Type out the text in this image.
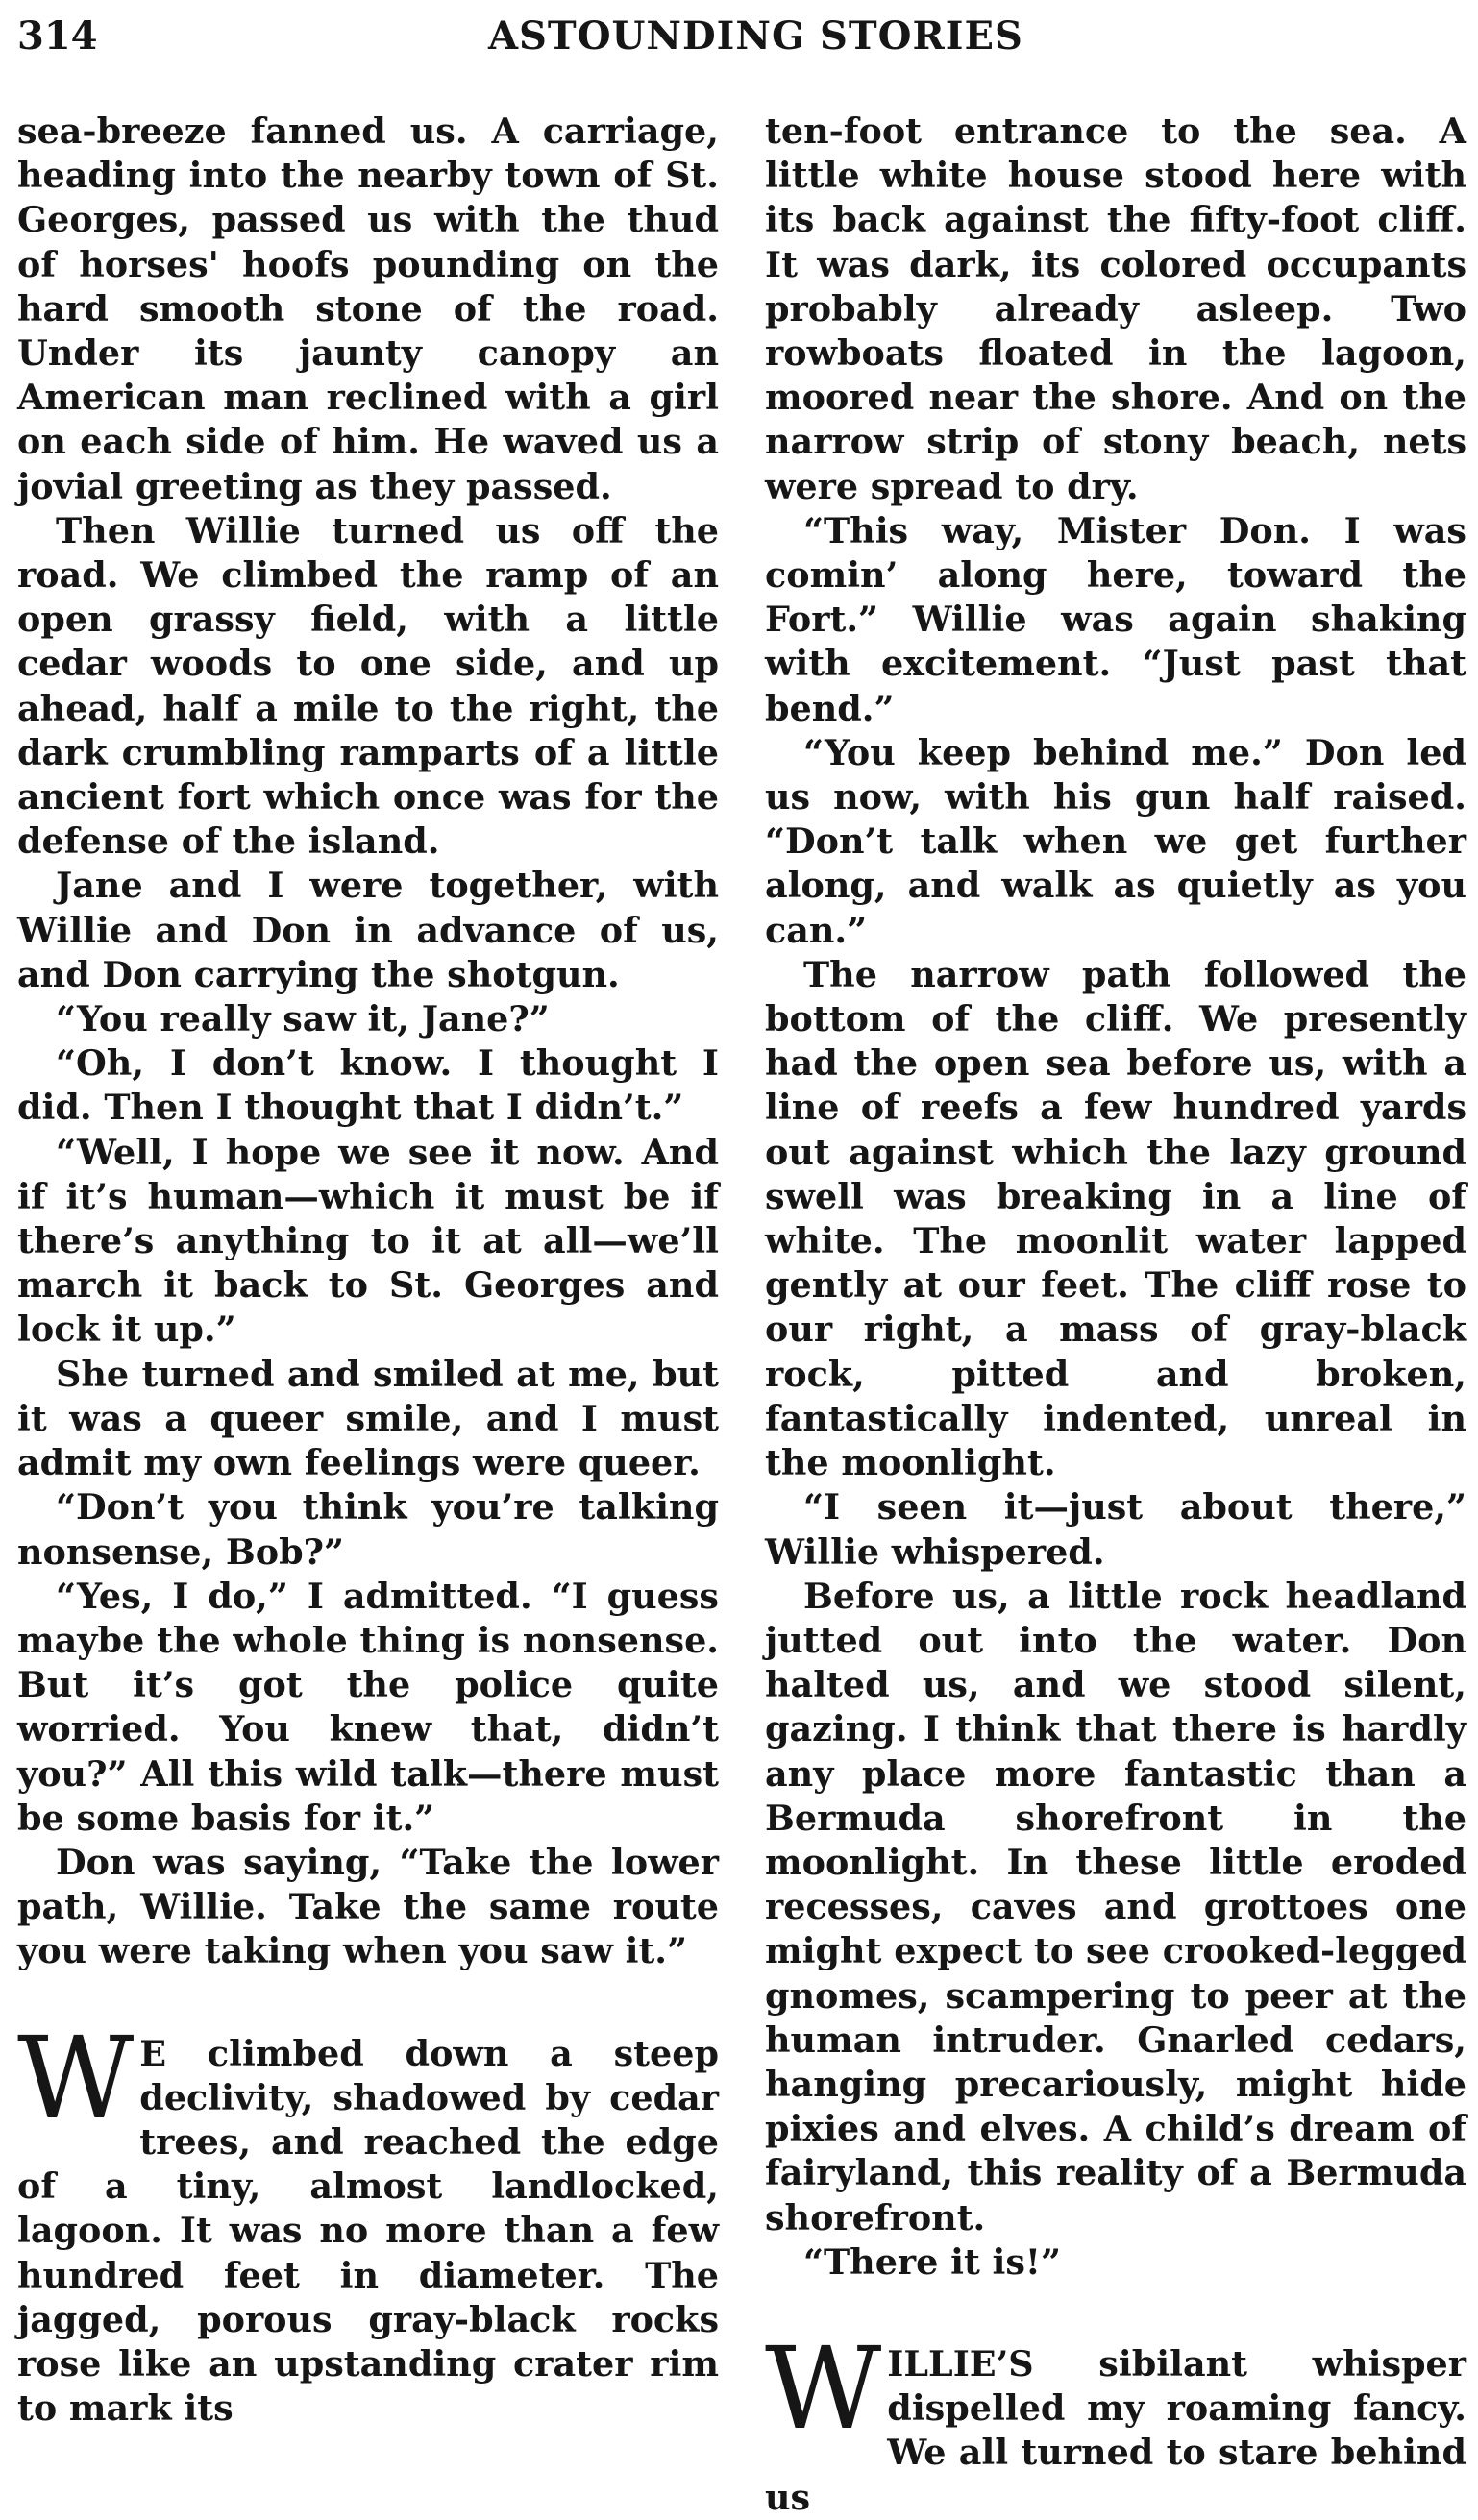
314	ASTOUNDING STORIES

sea-breeze fanned us. A carriage, heading into the nearby town of St. Georges, passed us with the thud of horses' hoofs pounding on the hard smooth stone of the road. Under its jaunty canopy an American man reclined with a girl on each side of him. He waved us a jovial greeting as they passed.

Then Willie turned us off the road. We climbed the ramp of an open grassy field, with a little cedar woods to one side, and up ahead, half a mile to the right, the dark crumbling ramparts of a little ancient fort which once was for the defense of the island.

Jane and I were together, with Willie and Don in advance of us, and Don carrying the shotgun.

“You really saw it, Jane?”

“Oh, I don’t know. I thought I did. Then I thought that I didn’t.”

“Well, I hope we see it now. And if it’s human—which it must be if there’s anything to it at all—we’ll march it back to St. Georges and lock it up.”

She turned and smiled at me, but it was a queer smile, and I must admit my own feelings were queer.

“Don’t you think you’re talking nonsense, Bob?”

“Yes, I do,” I admitted. “I guess maybe the whole thing is nonsense. But it’s got the police quite worried. You knew that, didn’t you?” All this wild talk—there must be some basis for it.”

Don was saying, “Take the lower path, Willie. Take the same route you were taking when you saw it.”

W E climbed down a steep declivity, shadowed by cedar trees, and reached the edge of a tiny, almost landlocked, lagoon. It was no more than a few hundred feet in diameter. The jagged, porous gray-black rocks rose like an upstanding crater rim to mark its

ten-foot entrance to the sea. A little white house stood here with its back against the fifty-foot cliff. It was dark, its colored occupants probably already asleep. Two rowboats floated in the lagoon, moored near the shore. And on the narrow strip of stony beach, nets were spread to dry.

“This way, Mister Don. I was comin’ along here, toward the Fort.” Willie was again shaking with excitement. “Just past that bend.”

“You keep behind me.” Don led us now, with his gun half raised. “Don’t talk when we get further along, and walk as quietly as you can.”

The narrow path followed the bottom of the cliff. We presently had the open sea before us, with a line of reefs a few hundred yards out against which the lazy ground swell was breaking in a line of white. The moonlit water lapped gently at our feet. The cliff rose to our right, a mass of gray-black rock, pitted and broken, fantastically indented, unreal in the moonlight.

“I seen it—just about there,” Willie whispered.

Before us, a little rock headland jutted out into the water. Don halted us, and we stood silent, gazing. I think that there is hardly any place more fantastic than a Bermuda shorefront in the moonlight. In these little eroded recesses, caves and grottoes one might expect to see crooked-legged gnomes, scampering to peer at the human intruder. Gnarled cedars, hanging precariously, might hide pixies and elves. A child’s dream of fairyland, this reality of a Bermuda shorefront.

“There it is!”

WILLIE’S sibilant whisper dispelled my roaming fancy. We all turned to stare behind us
